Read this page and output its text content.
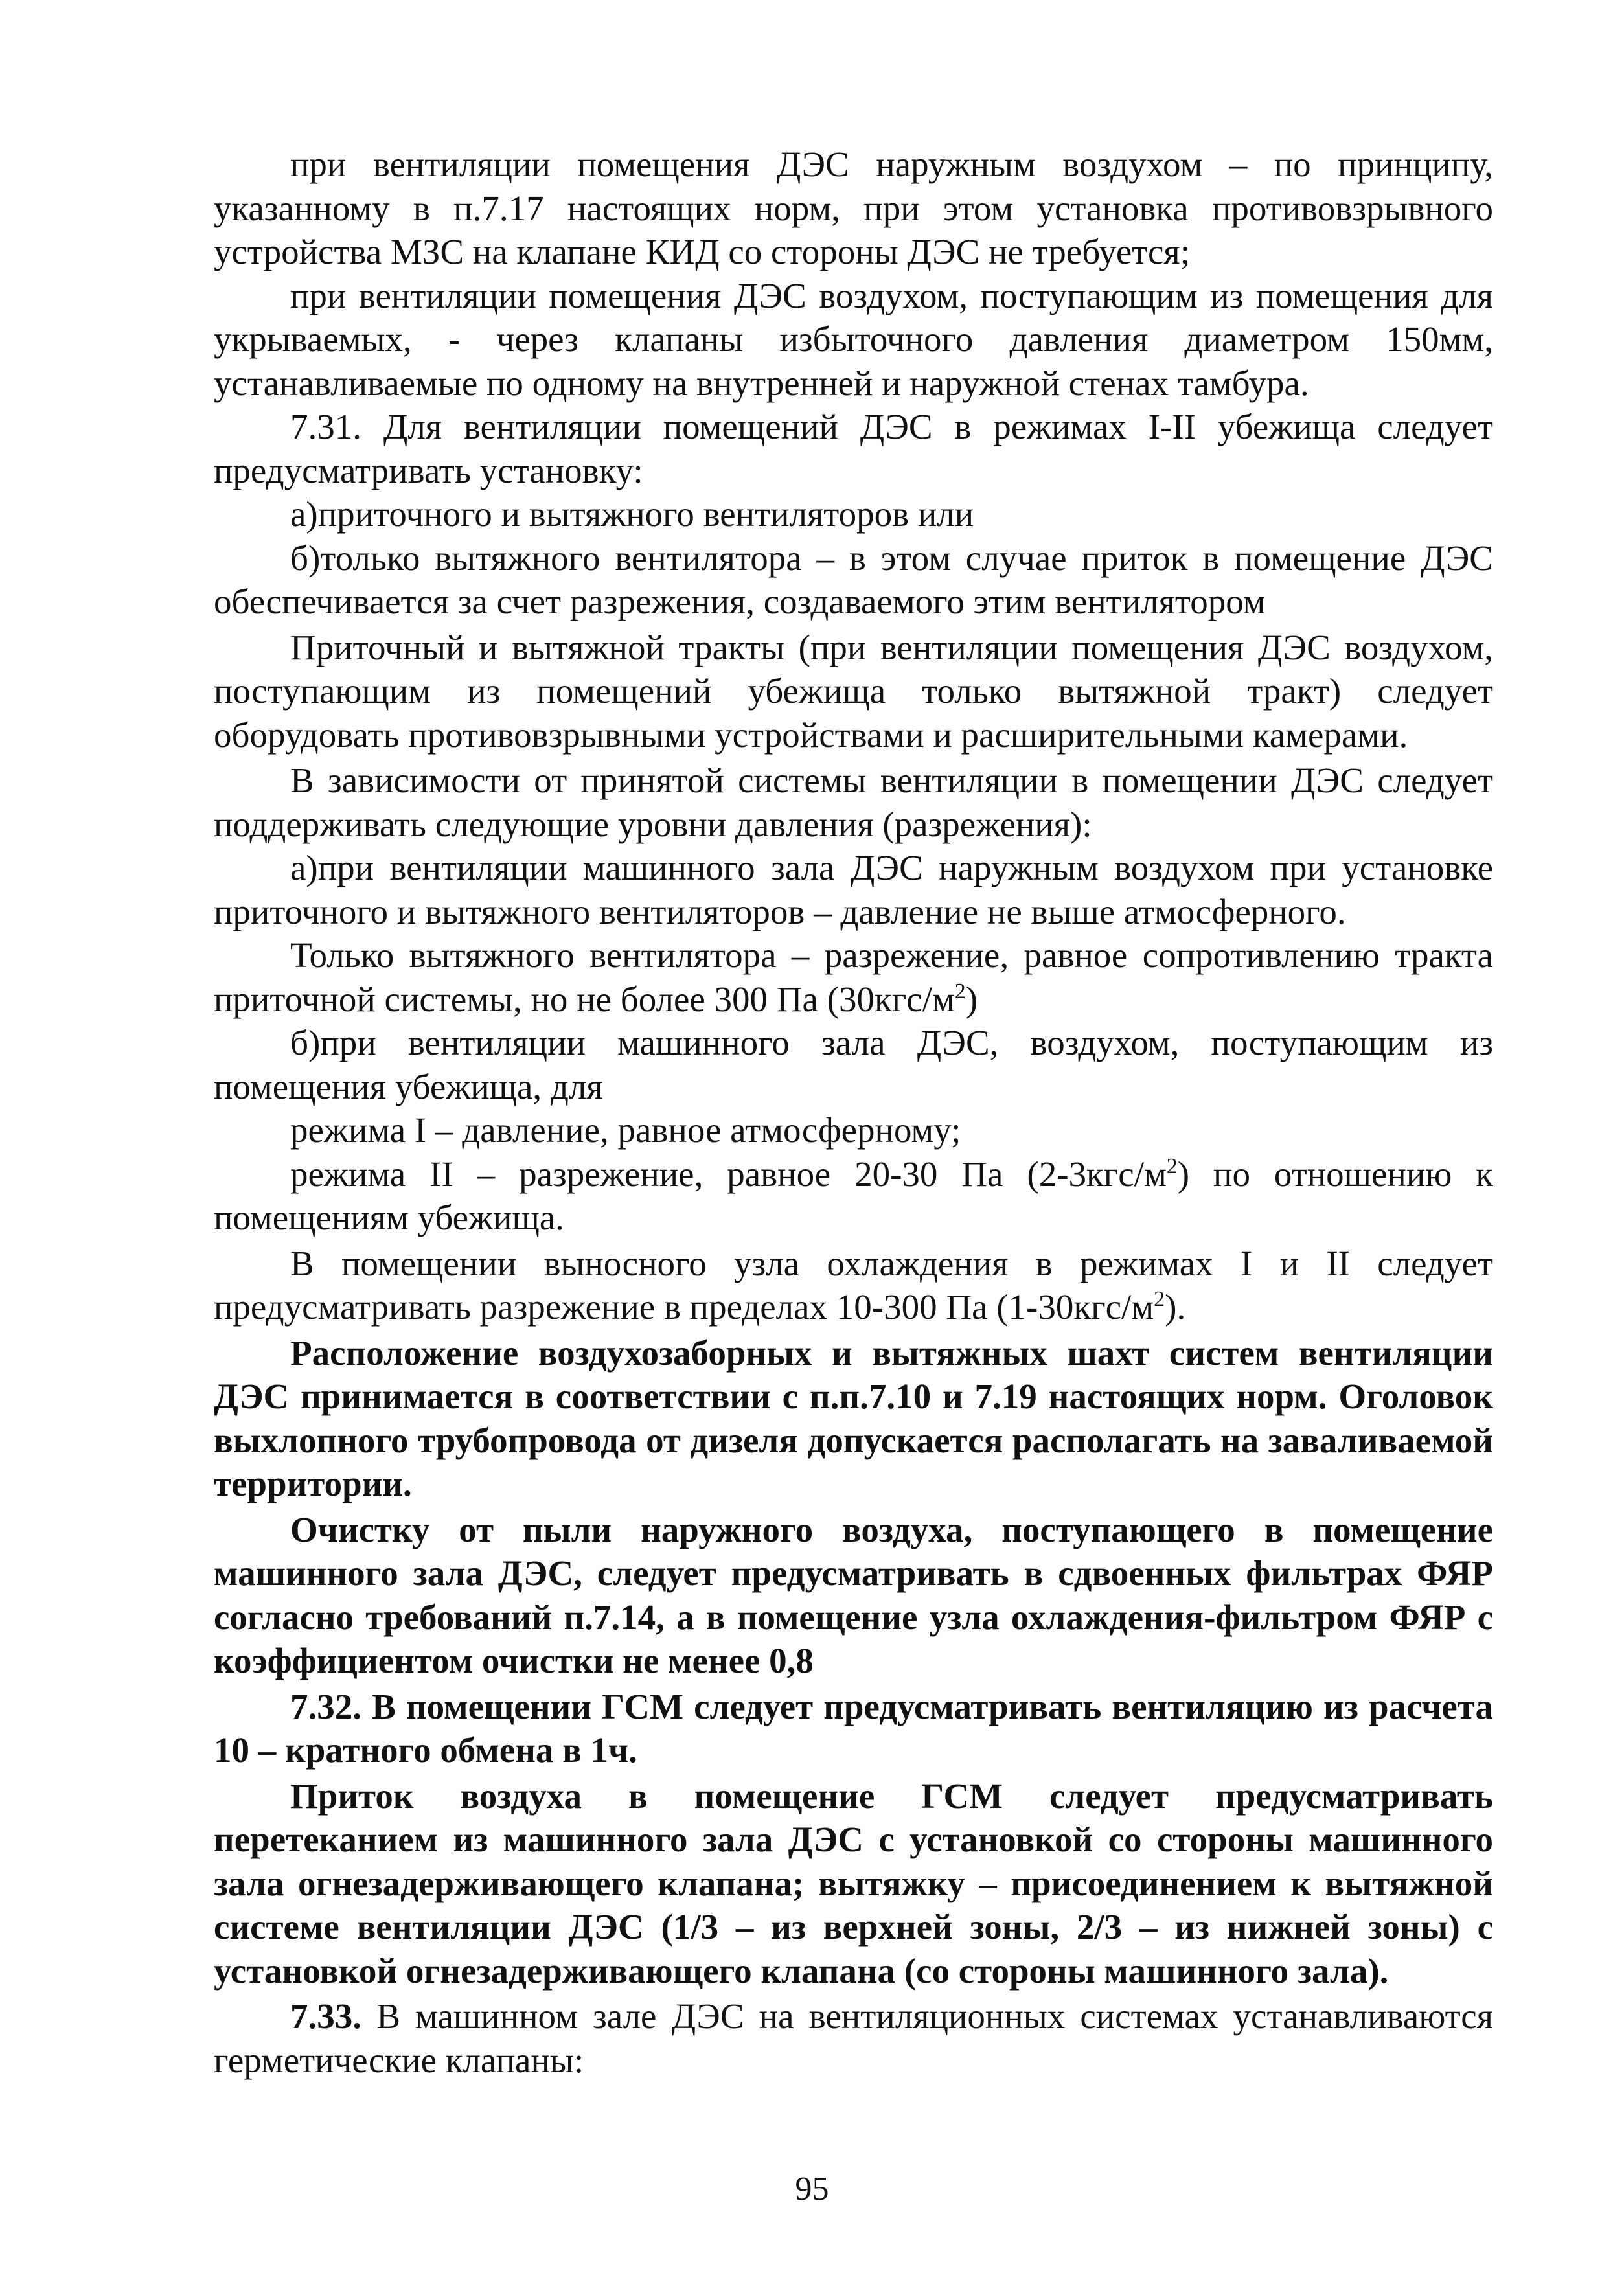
при вентиляции помещения ДЭС наружным воздухом – по принципу, указанному в п.7.17 настоящих норм, при этом установка противовзрывного устройства МЗС на клапане КИД со стороны ДЭС не требуется;

при вентиляции помещения ДЭС воздухом, поступающим из помещения для укрываемых, - через клапаны избыточного давления диаметром 150мм, устанавливаемые по одному на внутренней и наружной стенах тамбура.

7.31. Для вентиляции помещений ДЭС в режимах I-II убежища следует предусматривать установку:

а)приточного и вытяжного вентиляторов или

б)только вытяжного вентилятора – в этом случае приток в помещение ДЭС обеспечивается за счет разрежения, создаваемого этим вентилятором

Приточный и вытяжной тракты (при вентиляции помещения ДЭС воздухом, поступающим из помещений убежища только вытяжной тракт) следует оборудовать противовзрывными устройствами и расширительными камерами.

В зависимости от принятой системы вентиляции в помещении ДЭС следует поддерживать следующие уровни давления (разрежения):

а)при вентиляции машинного зала ДЭС наружным воздухом при установке приточного и вытяжного вентиляторов – давление не выше атмосферного.

Только вытяжного вентилятора – разрежение, равное сопротивлению тракта приточной системы, но не более 300 Па $(30кгс/м^2)$

б)при вентиляции машинного зала ДЭС, воздухом, поступающим из помещения убежища, для

режима I – давление, равное атмосферному;

режима II – разрежение, равное 20-30 Па $(2-3кгс/м^2)$ по отношению к помещениям убежища.

В помещении выносного узла охлаждения в режимах I и II следует предусматривать разрежение в пределах 10-300 Па $(1-30кгс/м^2)$.

Расположение воздухозаборных и вытяжных шахт систем вентиляции ДЭС принимается в соответствии с п.п.7.10 и 7.19 настоящих норм. Оголовок выхлопного трубопровода от дизеля допускается располагать на заваливаемой территории.

Очистку от пыли наружного воздуха, поступающего в помещение машинного зала ДЭС, следует предусматривать в сдвоенных фильтрах ФЯР согласно требований п.7.14, а в помещение узла охлаждения-фильтром ФЯР с коэффициентом очистки не менее 0,8

7.32. В помещении ГСМ следует предусматривать вентиляцию из расчета 10 – кратного обмена в 1ч.

Приток воздуха в помещение ГСМ следует предусматривать перетеканием из машинного зала ДЭС с установкой со стороны машинного зала огнезадерживающего клапана; вытяжку – присоединением к вытяжной системе вентиляции ДЭС (1/3 – из верхней зоны, 2/3 – из нижней зоны) с установкой огнезадерживающего клапана (со стороны машинного зала).

7.33. В машинном зале ДЭС на вентиляционных системах устанавливаются герметические клапаны:

95
